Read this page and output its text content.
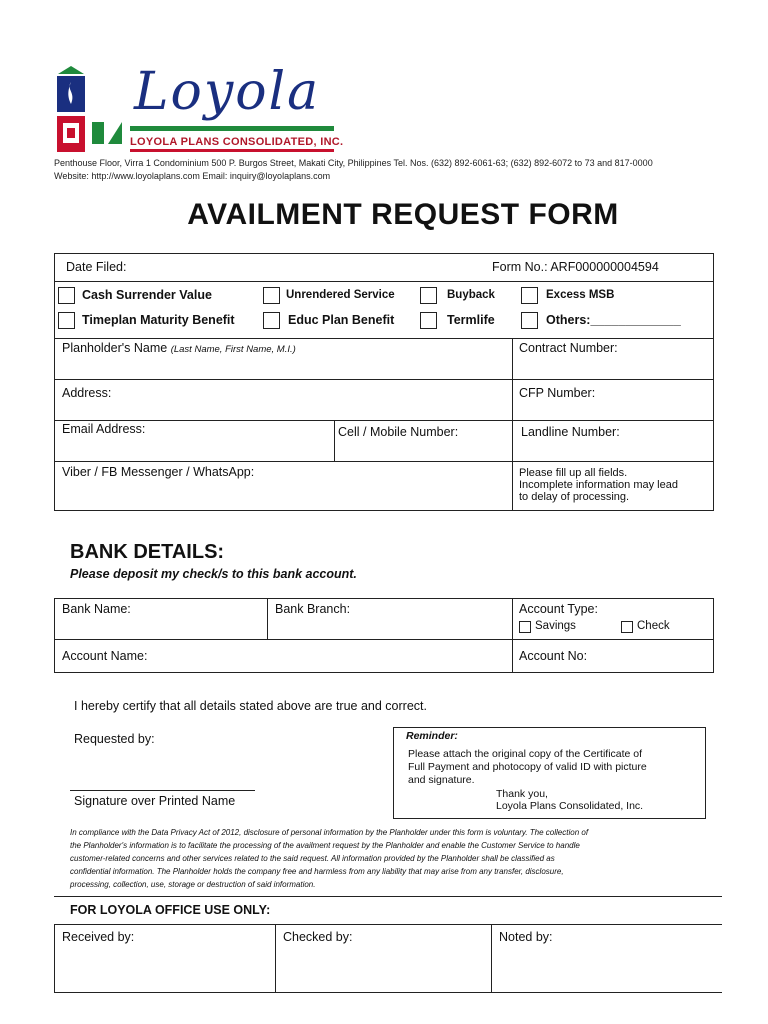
Loyola
LOYOLA PLANS CONSOLIDATED, INC.
Penthouse Floor, Virra 1 Condominium 500 P. Burgos Street, Makati City, Philippines Tel. Nos. (632) 892-6061-63; (632) 892-6072 to 73 and 817-0000
Website: http://www.loyolaplans.com Email: inquiry@loyolaplans.com
AVAILMENT REQUEST FORM
Date Filed:	Form No.: ARF000000004594
Cash Surrender Value	Unrendered Service	Buyback	Excess MSB
Timeplan Maturity Benefit	Educ Plan Benefit	Termlife	Others:_____________
Planholder's Name (Last Name, First Name, M.I.)	Contract Number:
Address:	CFP Number:
Email Address:	Cell / Mobile Number:	Landline Number:
Viber / FB Messenger / WhatsApp:	Please fill up all fields.
Incomplete information may lead
to delay of processing.
BANK DETAILS:
Please deposit my check/s to this bank account.
Bank Name:	Bank Branch:	Account Type:
Savings	Check
Account Name:	Account No:
I hereby certify that all details stated above are true and correct.
Requested by:
Signature over Printed Name
Reminder:
Please attach the original copy of the Certificate of
Full Payment and photocopy of valid ID with picture
and signature.
Thank you,
Loyola Plans Consolidated, Inc.
In compliance with the Data Privacy Act of 2012, disclosure of personal information by the Planholder under this form is voluntary. The collection of
the Planholder's information is to facilitate the processing of the availment request by the Planholder and enable the Customer Service to handle
customer-related concerns and other services related to the said request. All information provided by the Planholder shall be classified as
confidential information. The Planholder holds the company free and harmless from any liability that may arise from any transfer, disclosure,
processing, collection, use, storage or destruction of said information.
FOR LOYOLA OFFICE USE ONLY:
Received by:	Checked by:	Noted by:
